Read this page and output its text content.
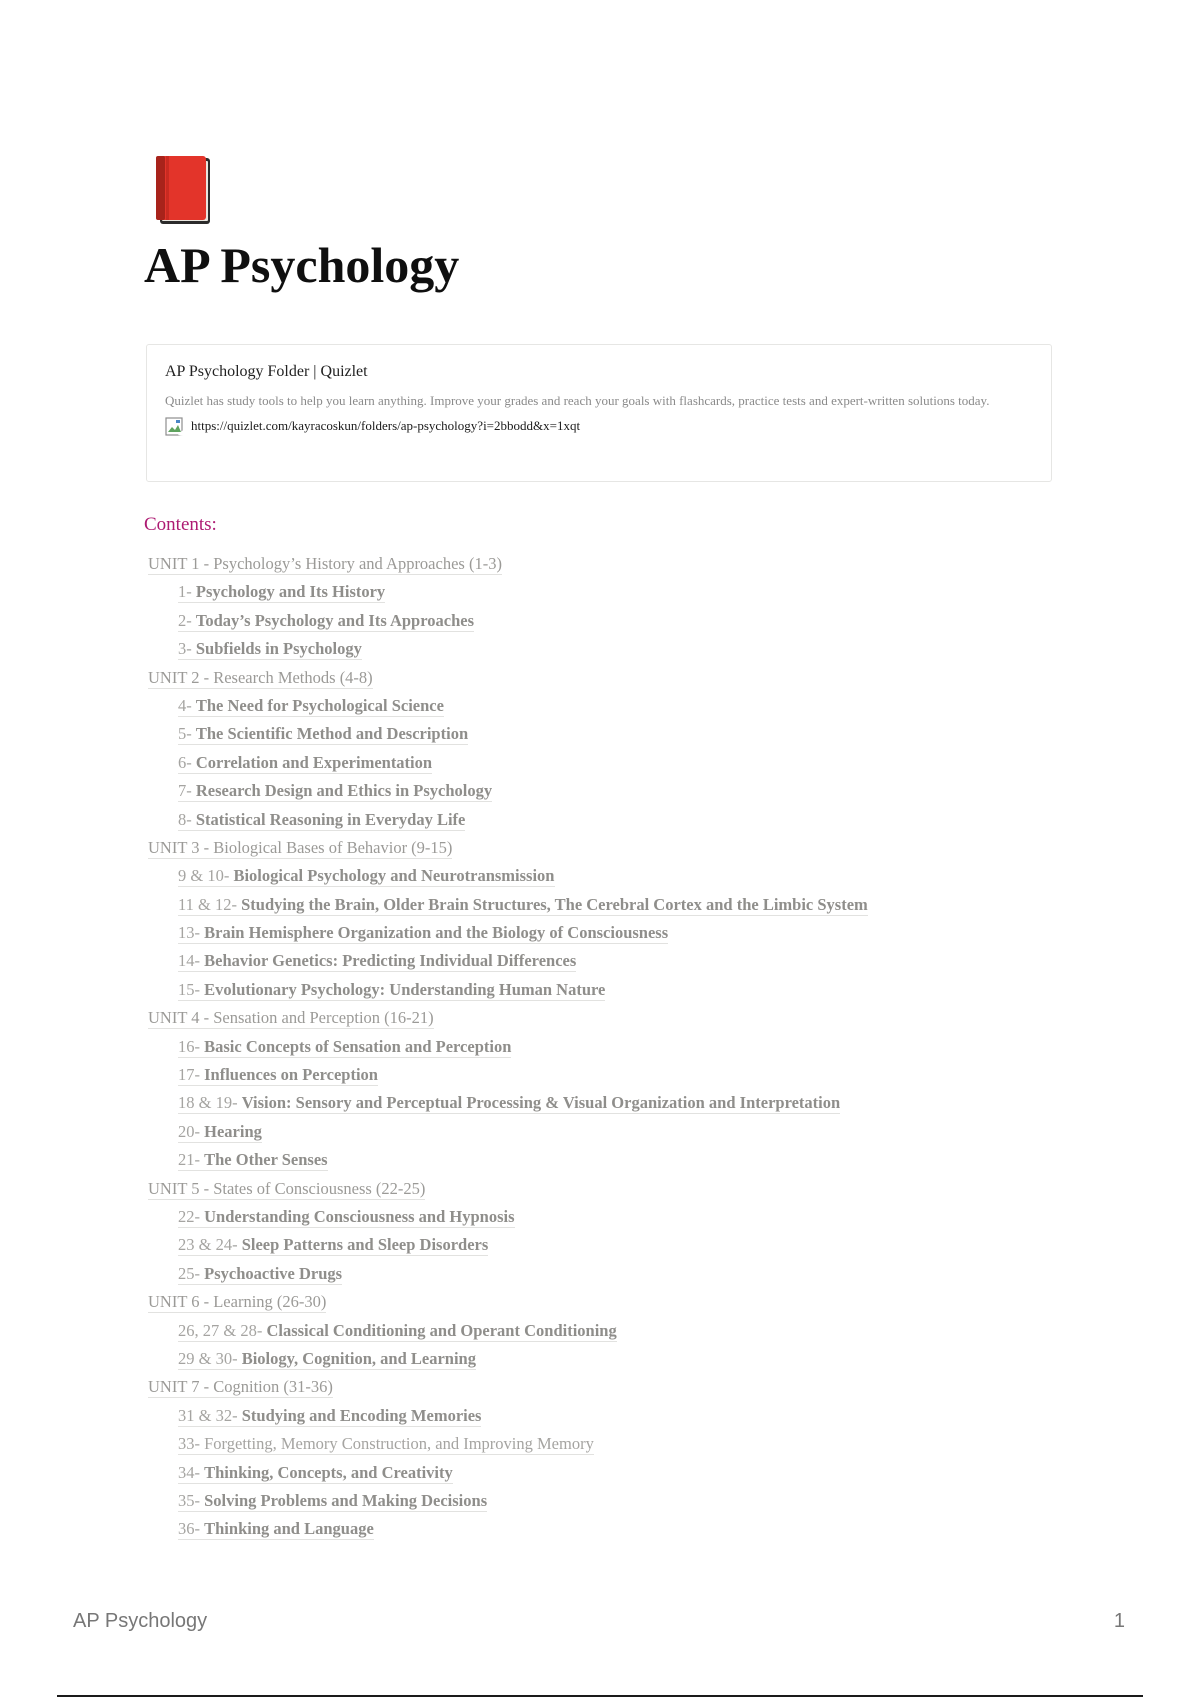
AP Psychology
AP Psychology Folder | Quizlet

Quizlet has study tools to help you learn anything. Improve your grades and reach your goals with flashcards, practice tests and expert-written solutions today.

https://quizlet.com/kayracoskun/folders/ap-psychology?i=2bbodd&x=1xqt
Contents:
UNIT 1 - Psychology’s History and Approaches (1-3)
1- Psychology and Its History
2- Today’s Psychology and Its Approaches
3- Subfields in Psychology
UNIT 2 - Research Methods (4-8)
4- The Need for Psychological Science
5- The Scientific Method and Description
6- Correlation and Experimentation
7- Research Design and Ethics in Psychology
8- Statistical Reasoning in Everyday Life
UNIT 3 - Biological Bases of Behavior (9-15)
9 & 10- Biological Psychology and Neurotransmission
11 & 12- Studying the Brain, Older Brain Structures, The Cerebral Cortex and the Limbic System
13- Brain Hemisphere Organization and the Biology of Consciousness
14- Behavior Genetics: Predicting Individual Differences
15- Evolutionary Psychology: Understanding Human Nature
UNIT 4 - Sensation and Perception (16-21)
16- Basic Concepts of Sensation and Perception
17- Influences on Perception
18 & 19- Vision: Sensory and Perceptual Processing & Visual Organization and Interpretation
20- Hearing
21- The Other Senses
UNIT 5 - States of Consciousness (22-25)
22- Understanding Consciousness and Hypnosis
23 & 24- Sleep Patterns and Sleep Disorders
25- Psychoactive Drugs
UNIT 6 - Learning (26-30)
26, 27 & 28- Classical Conditioning and Operant Conditioning
29 & 30- Biology, Cognition, and Learning
UNIT 7 - Cognition (31-36)
31 & 32- Studying and Encoding Memories
33- Forgetting, Memory Construction, and Improving Memory
34- Thinking, Concepts, and Creativity
35- Solving Problems and Making Decisions
36- Thinking and Language
AP Psychology	1
